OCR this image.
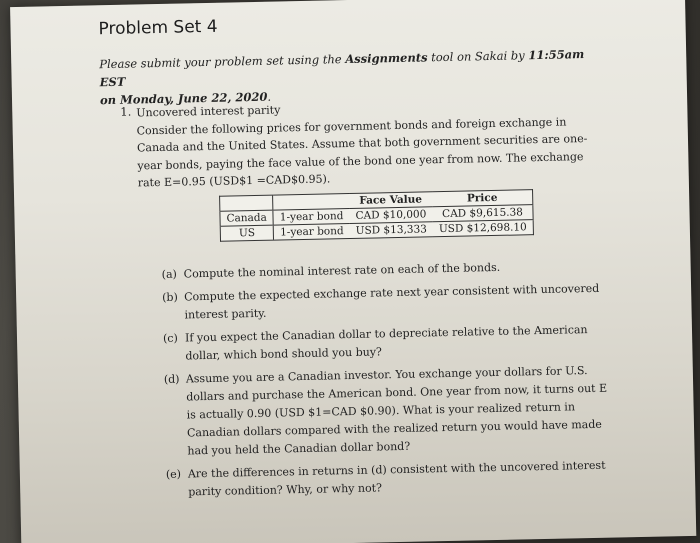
Problem Set 4
Please submit your problem set using the Assignments tool on Sakai by 11:55am EST
on Monday, June 22, 2020.
1. Uncovered interest parity
Consider the following prices for government bonds and foreign exchange in Canada and the United States. Assume that both government securities are one-year bonds, paying the face value of the bond one year from now. The exchange rate E=0.95 (USD$1 =CAD$0.95).
		Face Value	Price
Canada	1-year bond	CAD $10,000	CAD $9,615.38
US	1-year bond	USD $13,333	USD $12,698.10
(a) Compute the nominal interest rate on each of the bonds.
(b) Compute the expected exchange rate next year consistent with uncovered interest parity.
(c) If you expect the Canadian dollar to depreciate relative to the American dollar, which bond should you buy?
(d) Assume you are a Canadian investor. You exchange your dollars for U.S. dollars and purchase the American bond. One year from now, it turns out E is actually 0.90 (USD $1=CAD $0.90). What is your realized return in Canadian dollars compared with the realized return you would have made had you held the Canadian dollar bond?
(e) Are the differences in returns in (d) consistent with the uncovered interest parity condition? Why, or why not?
